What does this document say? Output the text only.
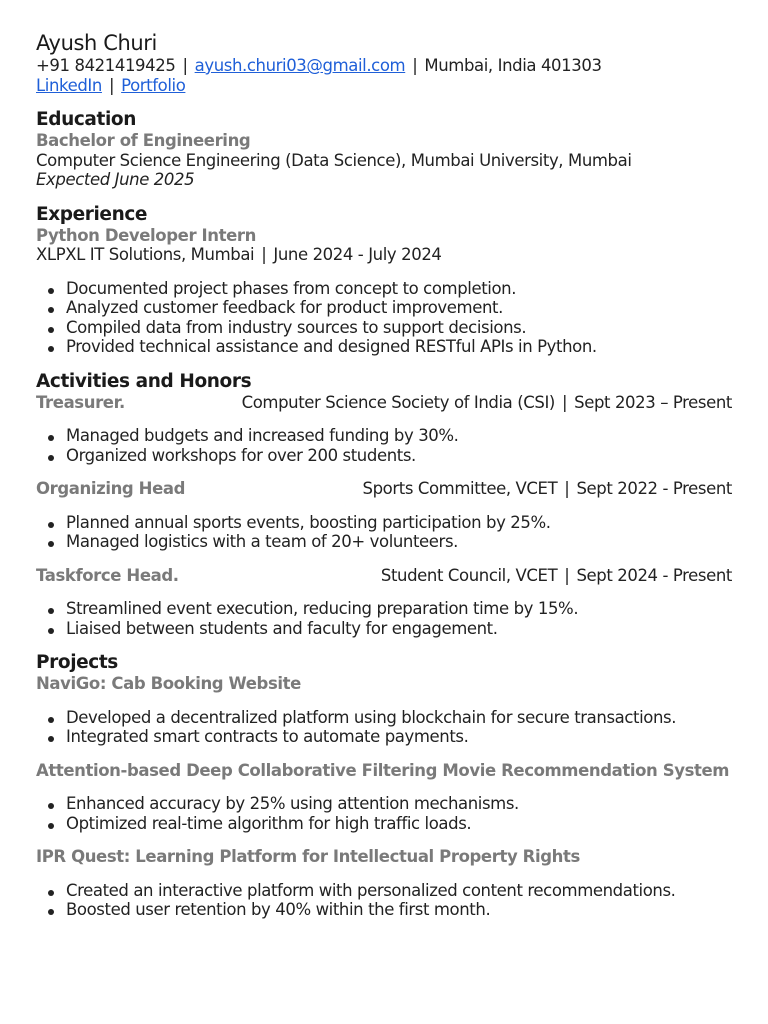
Ayush Churi
+91 8421419425 | ayush.churi03@gmail.com | Mumbai, India 401303
LinkedIn | Portfolio
Education
Bachelor of Engineering
Computer Science Engineering (Data Science), Mumbai University, Mumbai
Expected June 2025
Experience
Python Developer Intern
XLPXL IT Solutions, Mumbai | June 2024 - July 2024
Documented project phases from concept to completion.
Analyzed customer feedback for product improvement.
Compiled data from industry sources to support decisions.
Provided technical assistance and designed RESTful APIs in Python.
Activities and Honors
Treasurer.	Computer Science Society of India (CSI) | Sept 2023 – Present
Managed budgets and increased funding by 30%.
Organized workshops for over 200 students.
Organizing Head	Sports Committee, VCET | Sept 2022 - Present
Planned annual sports events, boosting participation by 25%.
Managed logistics with a team of 20+ volunteers.
Taskforce Head.	Student Council, VCET | Sept 2024 - Present
Streamlined event execution, reducing preparation time by 15%.
Liaised between students and faculty for engagement.
Projects
NaviGo: Cab Booking Website
Developed a decentralized platform using blockchain for secure transactions.
Integrated smart contracts to automate payments.
Attention-based Deep Collaborative Filtering Movie Recommendation System
Enhanced accuracy by 25% using attention mechanisms.
Optimized real-time algorithm for high traffic loads.
IPR Quest: Learning Platform for Intellectual Property Rights
Created an interactive platform with personalized content recommendations.
Boosted user retention by 40% within the first month.
